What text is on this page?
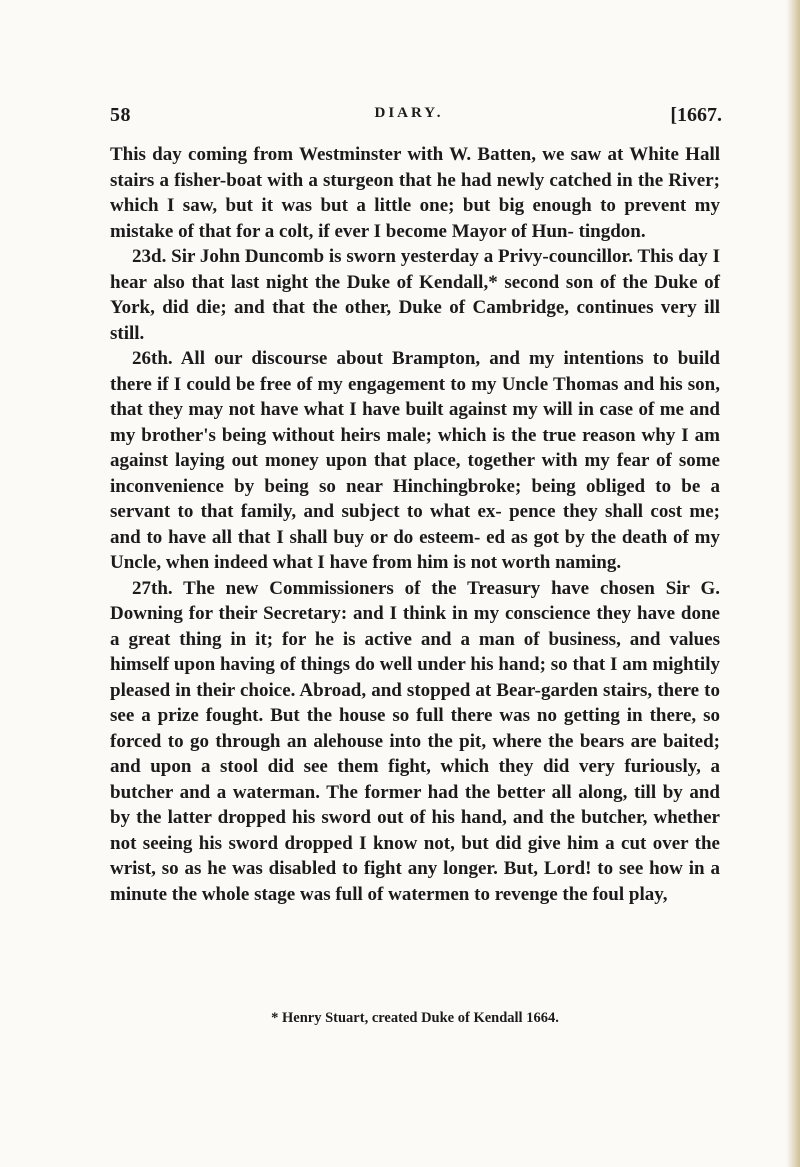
58	DIARY.	[1667.

This day coming from Westminster with W. Batten, we saw at White Hall stairs a fisher-boat with a sturgeon that he had newly catched in the River; which I saw, but it was but a little one; but big enough to prevent my mistake of that for a colt, if ever I become Mayor of Hun- tingdon.

23d. Sir John Duncomb is sworn yesterday a Privy-councillor. This day I hear also that last night the Duke of Kendall,* second son of the Duke of York, did die; and that the other, Duke of Cambridge, continues very ill still.

26th. All our discourse about Brampton, and my intentions to build there if I could be free of my engagement to my Uncle Thomas and his son, that they may not have what I have built against my will in case of me and my brother's being without heirs male; which is the true reason why I am against laying out money upon that place, together with my fear of some inconvenience by being so near Hinchingbroke; being obliged to be a servant to that family, and subject to what ex- pence they shall cost me; and to have all that I shall buy or do esteem- ed as got by the death of my Uncle, when indeed what I have from him is not worth naming.

27th. The new Commissioners of the Treasury have chosen Sir G. Downing for their Secretary: and I think in my conscience they have done a great thing in it; for he is active and a man of business, and values himself upon having of things do well under his hand; so that I am mightily pleased in their choice. Abroad, and stopped at Bear-garden stairs, there to see a prize fought. But the house so full there was no getting in there, so forced to go through an alehouse into the pit, where the bears are baited; and upon a stool did see them fight, which they did very furiously, a butcher and a waterman. The former had the better all along, till by and by the latter dropped his sword out of his hand, and the butcher, whether not seeing his sword dropped I know not, but did give him a cut over the wrist, so as he was disabled to fight any longer. But, Lord! to see how in a minute the whole stage was full of watermen to revenge the foul play,

* Henry Stuart, created Duke of Kendall 1664.
